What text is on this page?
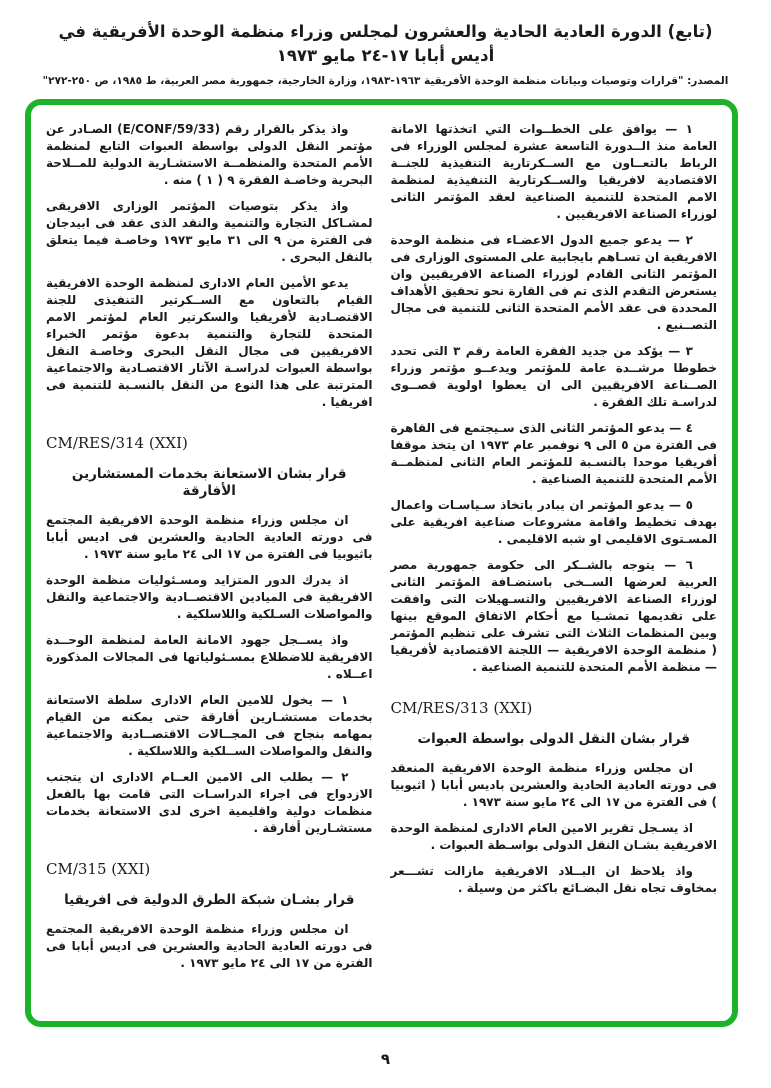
(تابع) الدورة العادية الحادية والعشرون لمجلس وزراء منظمة الوحدة الأفريقية في أديس أبابا ١٧-٢٤ مايو ١٩٧٣
المصدر: "قرارات وتوصيات وبيانات منظمة الوحدة الأفريقية ١٩٦٣-١٩٨٣، وزارة الخارجية، جمهورية مصر العربية، ط ١٩٨٥، ص ٢٥٠-٢٧٢"

١ — يوافق على الخطــوات التي اتخذتها الامانة العامة منذ الــدورة التاسعة عشرة لمجلس الوزراء فى الرباط بالتعــاون مع الســكرتارية التنفيذية للجنــة الاقتصادية لافريقيا والســكرتارية التنفيذية لمنظمة الامم المتحدة للتنمية الصناعية لعقد المؤتمر الثانى لوزراء الصناعة الافريقيين .

٢ — يدعو جميع الدول الاعضـاء فى منظمة الوحدة الافريقية ان تسـاهم بايجابية على المستوى الوزارى فى المؤتمر الثانى القادم لوزراء الصناعة الافريقيين وان يستعرض التقدم الذى تم فى القارة نحو تحقيق الأهداف المحددة فى عقد الأمم المتحدة الثانى للتنمية فى مجال التصــنيع .

٣ — يؤكد من جديد الفقرة العامة رقم ٣ التى تحدد خطوطا مرشــدة عامة للمؤتمر ويدعــو مؤتمر وزراء الصــناعة الافريقيين الى ان يعطوا اولوية قصــوى لدراسـة تلك الفقرة .

٤ — يدعو المؤتمر الثانى الذى سـيجتمع فى القاهرة فى الفترة من ٥ الى ٩ نوفمبر عام ١٩٧٣ ان يتخذ موقفا أفريقيا موحدا بالنسـبة للمؤتمر العام الثانى لمنظمــة الأمم المتحدة للتنمية الصناعية .

٥ — يدعو المؤتمر ان يبادر باتخاذ سـياسـات واعمال بهدف تخطيط واقامة مشروعات صناعية افريقية على المسـتوى الاقليمى او شبه الاقليمى .

٦ — يتوجه بالشــكر الى حكومة جمهورية مصر العربية لعرضها الســخى باستضـافة المؤتمر الثانى لوزراء الصناعة الافريقيين والتسـهيلات التى وافقت على تقديمها تمشـيا مع أحكام الاتفاق الموقع بينها وبين المنظمات الثلاث التى تشرف على تنظيم المؤتمر ( منظمة الوحدة الافريقية — اللجنة الاقتصادية لأفريقيا — منظمة الأمم المتحدة للتنمية الصناعية .

CM/RES/313 (XXI)
قرار بشان النقل الدولى بواسطة العبوات

ان مجلس وزراء منظمة الوحدة الافريقية المنعقد فى دورته العادية الحادية والعشرين باديس أبابا ( اثيوبيا ) فى الفترة من ١٧ الى ٢٤ مايو سنة ١٩٧٣ .

اذ يسـجل تقرير الامين العام الادارى لمنظمة الوحدة الافريقية بشـان النقل الدولى بواسـطة العبوات .

واذ يلاحظ ان البــلاد الافريقية مازالت تشـــعر بمخاوف تجاه نقل البضـائع باكثر من وسيلة .

واذ يذكر بالقرار رقم (E/CONF/59/33) الصـادر عن مؤتمر النقل الدولى بواسطة العبوات التابع لمنظمة الأمم المتحدة والمنظمــة الاستشـارية الدولية للمــلاحة البحرية وخاصـة الفقرة ٩ ( ١ ) منه .

واذ يذكر بتوصيات المؤتمر الوزارى الافريقى لمشـاكل التجارة والتنمية والنقد الذى عقد فى ابيدجان فى الفترة من ٩ الى ٣١ مايو ١٩٧٣ وخاصـة فيما يتعلق بالنقل البحرى .

يدعو الأمين العام الادارى لمنظمة الوحدة الافريقية القيام بالتعاون مع الســكرتير التنفيذى للجنة الاقتصـادية لأفريقيا والسكرتير العام لمؤتمر الامم المتحدة للتجارة والتنمية بدعوة مؤتمر الخبراء الافريقيين فى مجال النقل البحرى وخاصـة النقل بواسطة العبوات لدراسـة الآثار الاقتصـادية والاجتماعية المترتبة على هذا النوع من النقل بالنسـبة للتنمية فى افريقيا .

CM/RES/314 (XXI)
قرار بشان الاستعانة بخدمات المستشارين الأفارقة

ان مجلس وزراء منظمة الوحدة الافريقية المجتمع فى دورته العادية الحادية والعشرين فى اديس أبابا باثيوبيا فى الفترة من ١٧ الى ٢٤ مايو سنة ١٩٧٣ .

اذ يدرك الدور المتزايد ومسـئوليات منظمة الوحدة الافريقية فى الميادين الاقتصــادية والاجتماعية والنقل والمواصلات السـلكية واللاسلكية .

واذ يســجل جهود الامانة العامة لمنظمة الوحــدة الافريقية للاضطلاع بمسـئولياتها فى المجالات المذكورة اعــلاه .

١ — يخول للامين العام الادارى سلطة الاستعانة بخدمات مستشـارين أفارقة حتى يمكنه من القيام بمهامه بنجاح فى المجــالات الاقتصــادية والاجتماعية والنقل والمواصلات الســلكية واللاسلكية .

٢ — يطلب الى الامين العــام الادارى ان يتجنب الازدواج فى اجراء الدراسـات التى قامت بها بالفعل منظمات دولية واقليمية اخرى لدى الاستعانة بخدمات مستشـارين أفارقة .

CM/315 (XXI)
قرار بشـان شبكة الطرق الدولية فى افريقيا

ان مجلس وزراء منظمة الوحدة الافريقية المجتمع فى دورته العادية الحادية والعشرين فى اديس أبابا فى الفترة من ١٧ الى ٢٤ مايو ١٩٧٣ .

٩
